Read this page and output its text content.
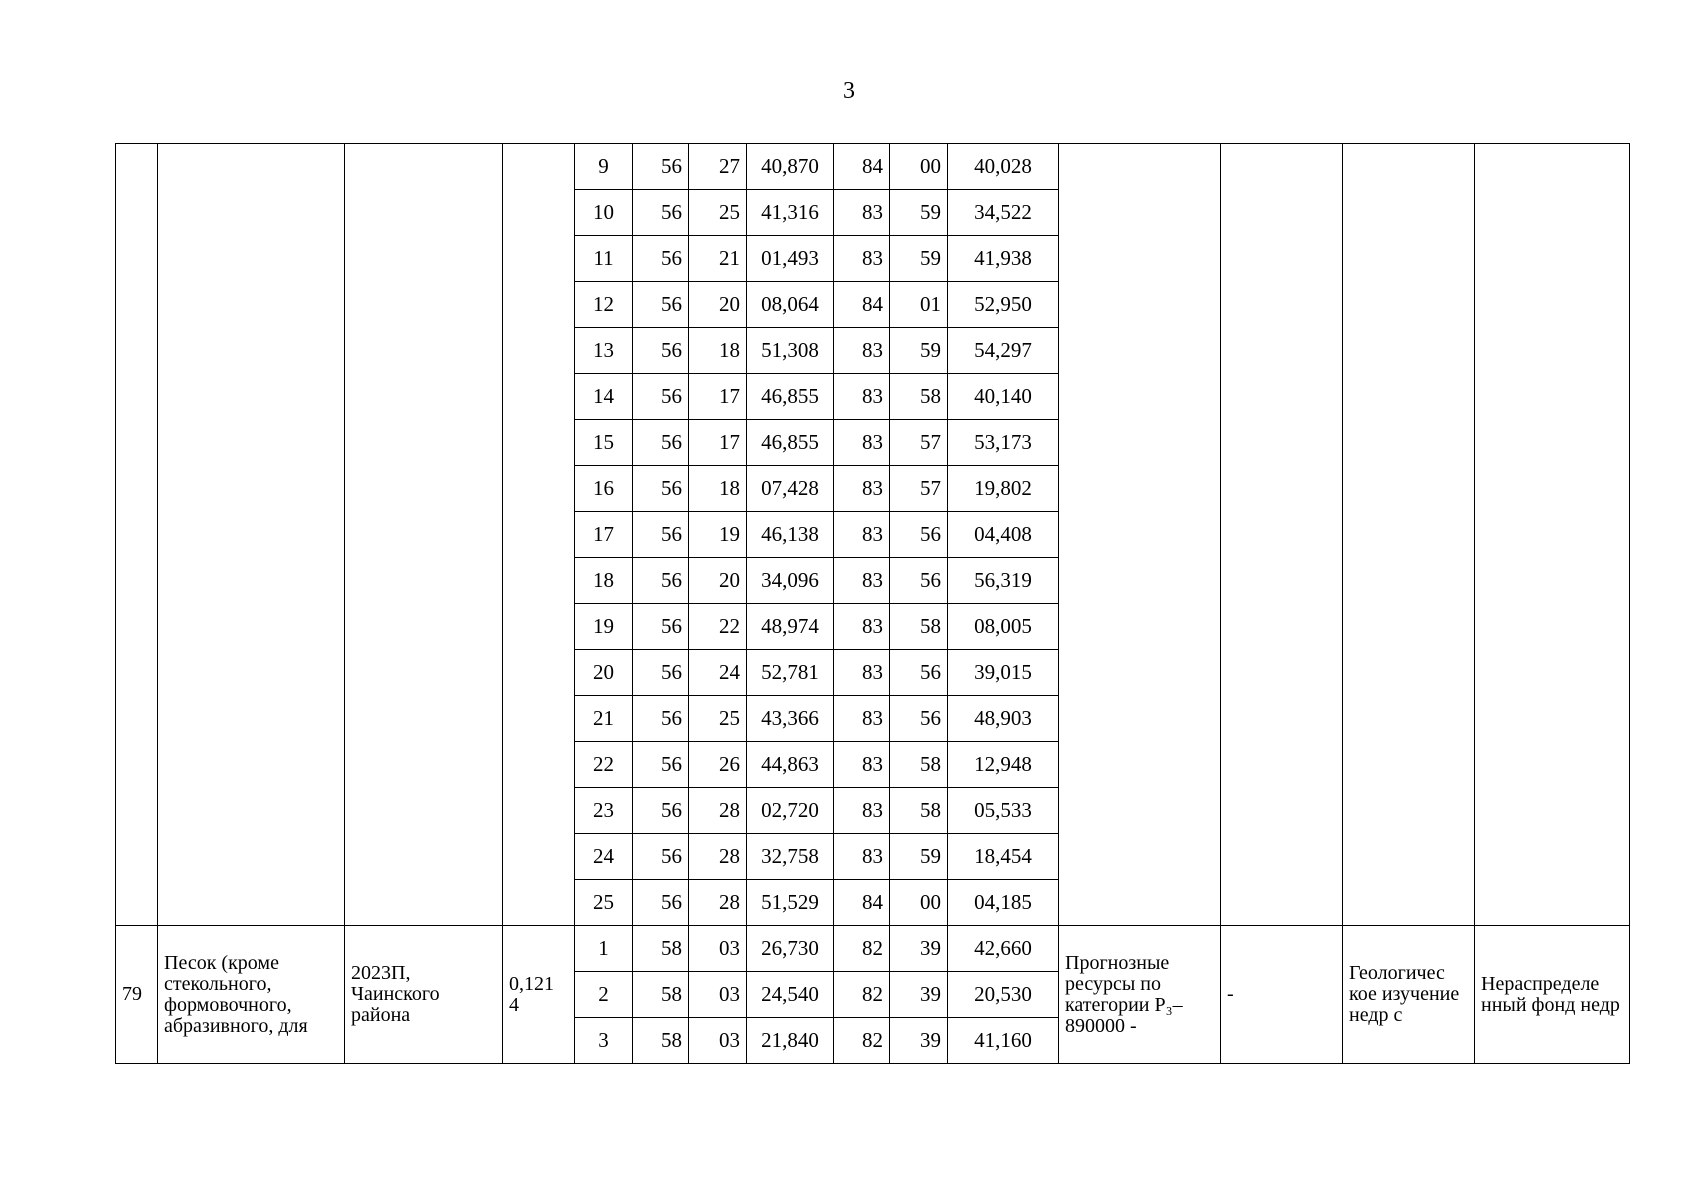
3
				9	56	27	40,870	84	00	40,028				
				10	56	25	41,316	83	59	34,522				
				11	56	21	01,493	83	59	41,938				
				12	56	20	08,064	84	01	52,950				
				13	56	18	51,308	83	59	54,297				
				14	56	17	46,855	83	58	40,140				
				15	56	17	46,855	83	57	53,173				
				16	56	18	07,428	83	57	19,802				
				17	56	19	46,138	83	56	04,408				
				18	56	20	34,096	83	56	56,319				
				19	56	22	48,974	83	58	08,005				
				20	56	24	52,781	83	56	39,015				
				21	56	25	43,366	83	56	48,903				
				22	56	26	44,863	83	58	12,948				
				23	56	28	02,720	83	58	05,533				
				24	56	28	32,758	83	59	18,454				
				25	56	28	51,529	84	00	04,185				
79	Песок (кроме стекольного, формовочного, абразивного, для	2023П, Чаинского района	0,121 4	1	58	03	26,730	82	39	42,660	Прогнозные ресурсы по категории P₃– 890000 -	-	Геологичес кое изучение недр с	Нераспределе нный фонд недр
				2	58	03	24,540	82	39	20,530				
				3	58	03	21,840	82	39	41,160				
